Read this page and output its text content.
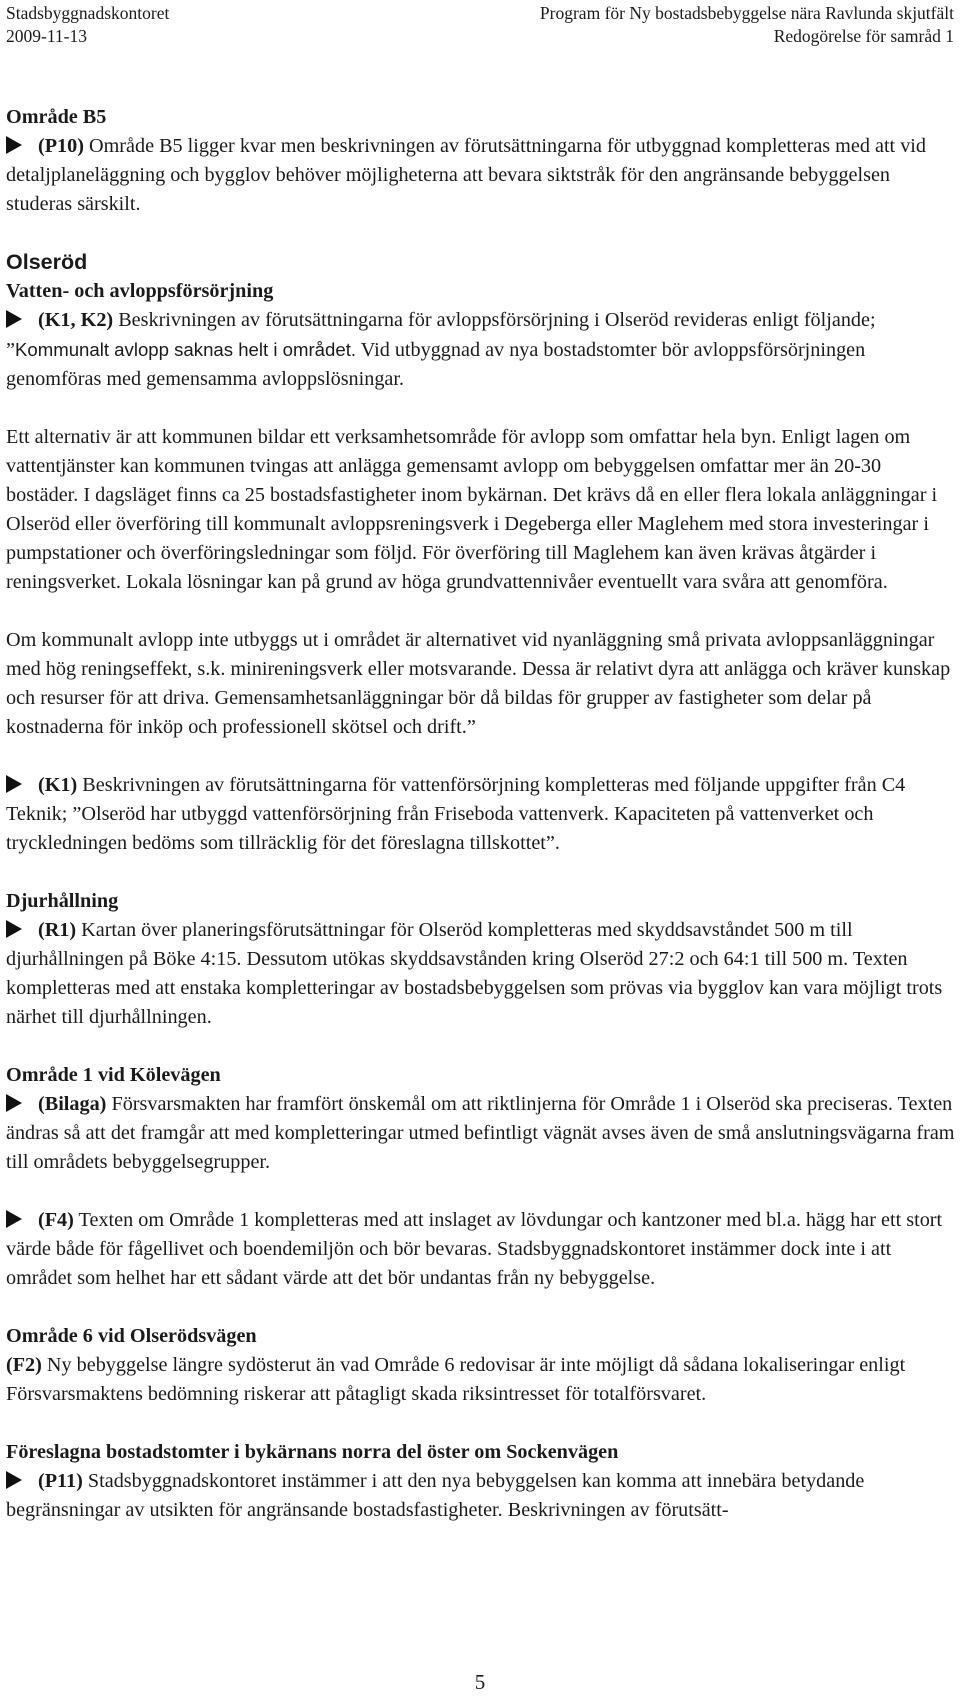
Stadsbyggnadskontoret	Program för Ny bostadsbebyggelse nära Ravlunda skjutfält
2009-11-13	Redogörelse för samråd 1

Område B5

(P10) Område B5 ligger kvar men beskrivningen av förutsättningarna för utbyggnad kompletteras med att vid detaljplaneläggning och bygglov behöver möjligheterna att bevara siktstråk för den angränsande bebyggelsen studeras särskilt.

Olseröd

Vatten- och avloppsförsörjning

(K1, K2) Beskrivningen av förutsättningarna för avloppsförsörjning i Olseröd revideras enligt följande; ”Kommunalt avlopp saknas helt i området. Vid utbyggnad av nya bostadstomter bör avloppsförsörjningen genomföras med gemensamma avloppslösningar.

Ett alternativ är att kommunen bildar ett verksamhetsområde för avlopp som omfattar hela byn. Enligt lagen om vattentjänster kan kommunen tvingas att anlägga gemensamt avlopp om bebyggelsen omfattar mer än 20-30 bostäder. I dagsläget finns ca 25 bostadsfastigheter inom bykärnan. Det krävs då en eller flera lokala anläggningar i Olseröd eller överföring till kommunalt avloppsreningsverk i Degeberga eller Maglehem med stora investeringar i pumpstationer och överföringsledningar som följd. För överföring till Maglehem kan även krävas åtgärder i reningsverket. Lokala lösningar kan på grund av höga grundvattennivåer eventuellt vara svåra att genomföra.

Om kommunalt avlopp inte utbyggs ut i området är alternativet vid nyanläggning små privata avloppsanläggningar med hög reningseffekt, s.k. minireningsverk eller motsvarande. Dessa är relativt dyra att anlägga och kräver kunskap och resurser för att driva. Gemensamhetsanläggningar bör då bildas för grupper av fastigheter som delar på kostnaderna för inköp och professionell skötsel och drift.”

(K1) Beskrivningen av förutsättningarna för vattenförsörjning kompletteras med följande uppgifter från C4 Teknik; ”Olseröd har utbyggd vattenförsörjning från Friseboda vattenverk. Kapaciteten på vattenverket och tryckledningen bedöms som tillräcklig för det föreslagna tillskottet”.

Djurhållning

(R1) Kartan över planeringsförutsättningar för Olseröd kompletteras med skyddsavståndet 500 m till djurhållningen på Böke 4:15. Dessutom utökas skyddsavstånden kring Olseröd 27:2 och 64:1 till 500 m. Texten kompletteras med att enstaka kompletteringar av bostadsbebyggelsen som prövas via bygglov kan vara möjligt trots närhet till djurhållningen.

Område 1 vid Kölevägen

(Bilaga) Försvarsmakten har framfört önskemål om att riktlinjerna för Område 1 i Olseröd ska preciseras. Texten ändras så att det framgår att med kompletteringar utmed befintligt vägnät avses även de små anslutningsvägarna fram till områdets bebyggelsegrupper.

(F4) Texten om Område 1 kompletteras med att inslaget av lövdungar och kantzoner med bl.a. hägg har ett stort värde både för fågellivet och boendemiljön och bör bevaras. Stadsbyggnadskontoret instämmer dock inte i att området som helhet har ett sådant värde att det bör undantas från ny bebyggelse.

Område 6 vid Olserödsvägen

(F2) Ny bebyggelse längre sydösterut än vad Område 6 redovisar är inte möjligt då sådana lokaliseringar enligt Försvarsmaktens bedömning riskerar att påtagligt skada riksintresset för totalförsvaret.

Föreslagna bostadstomter i bykärnans norra del öster om Sockenvägen

(P11) Stadsbyggnadskontoret instämmer i att den nya bebyggelsen kan komma att innebära betydande begränsningar av utsikten för angränsande bostadsfastigheter. Beskrivningen av förutsätt-

5
